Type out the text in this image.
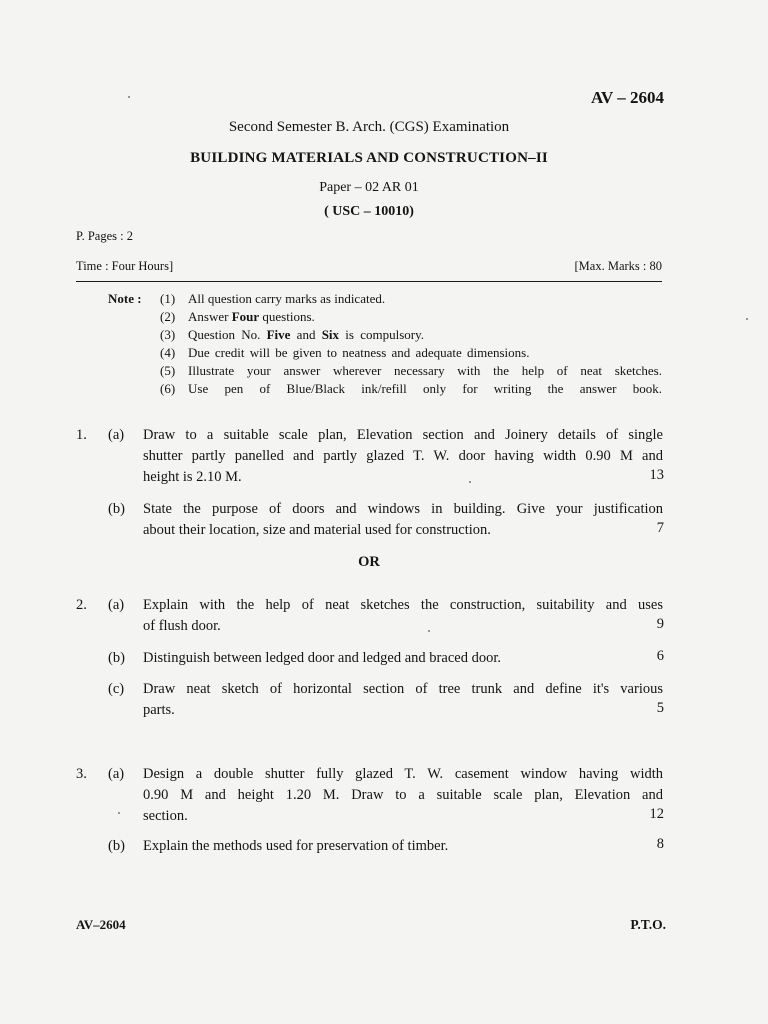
AV – 2604
Second Semester B. Arch. (CGS) Examination
BUILDING MATERIALS AND CONSTRUCTION–II
Paper – 02 AR 01
( USC – 10010)
P. Pages : 2
Time : Four Hours]	[Max. Marks : 80
Note :	(1) All question carry marks as indicated.
(2) Answer Four questions.
(3) Question No. Five and Six is compulsory.
(4) Due credit will be given to neatness and adequate dimensions.
(5) Illustrate your answer wherever necessary with the help of neat sketches.
(6) Use pen of Blue/Black ink/refill only for writing the answer book.
1. (a) Draw to a suitable scale plan, Elevation section and Joinery details of single
shutter partly panelled and partly glazed T. W. door having width 0.90 M and
height is 2.10 M.	13
(b) State the purpose of doors and windows in building. Give your justification
about their location, size and material used for construction.	7
OR
2. (a) Explain with the help of neat sketches the construction, suitability and uses
of flush door.	9
(b) Distinguish between ledged door and ledged and braced door.	6
(c) Draw neat sketch of horizontal section of tree trunk and define it's various
parts.	5
3. (a) Design a double shutter fully glazed T. W. casement window having width
0.90 M and height 1.20 M. Draw to a suitable scale plan, Elevation and
section.	12
(b) Explain the methods used for preservation of timber.	8
AV–2604	P.T.O.
